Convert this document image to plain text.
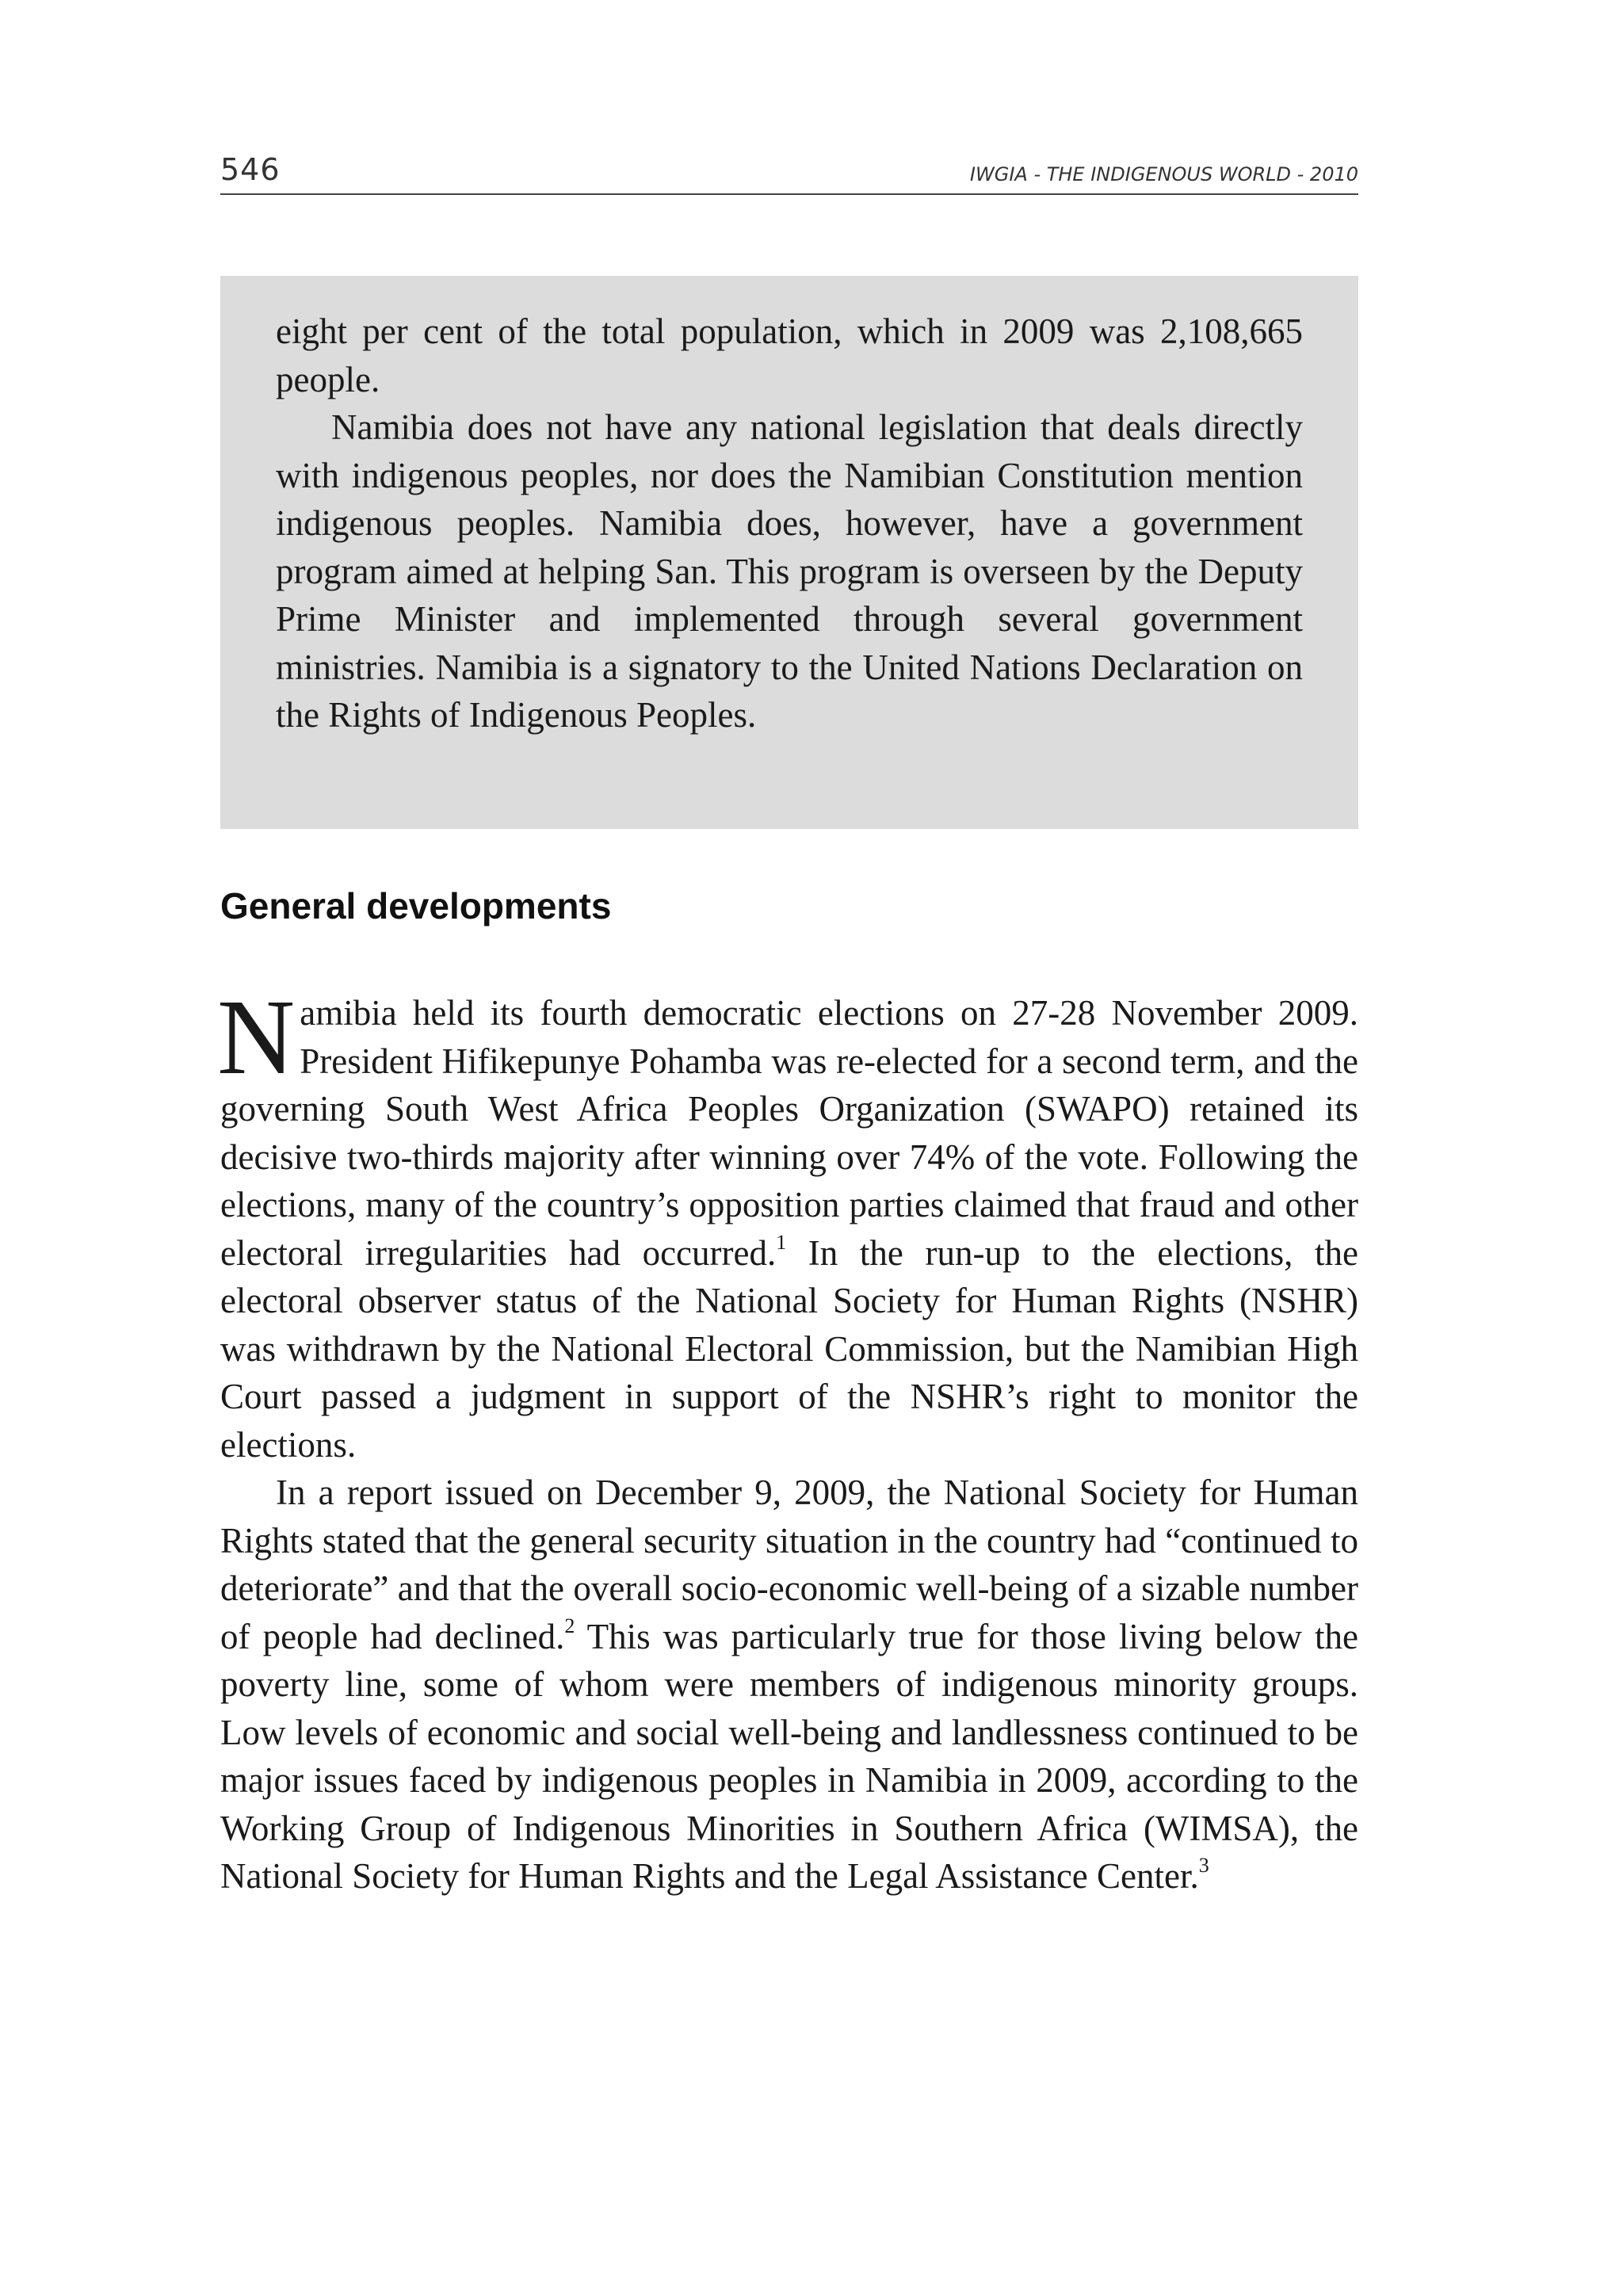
546	IWGIA - THE INDIGENOUS WORLD - 2010

eight per cent of the total population, which in 2009 was 2,108,665 people.

Namibia does not have any national legislation that deals directly with indigenous peoples, nor does the Namibian Constitution mention indigenous peoples. Namibia does, however, have a government program aimed at helping San. This program is overseen by the Deputy Prime Minister and implemented through several government ministries. Namibia is a signatory to the United Nations Declaration on the Rights of Indigenous Peoples.

General developments

Namibia held its fourth democratic elections on 27-28 November 2009. President Hifikepunye Pohamba was re-elected for a second term, and the governing South West Africa Peoples Organization (SWAPO) retained its decisive two-thirds majority after winning over 74% of the vote. Following the elections, many of the country’s opposition parties claimed that fraud and other electoral irregularities had occurred.$^1$ In the run-up to the elections, the electoral observer status of the National Society for Human Rights (NSHR) was withdrawn by the National Electoral Commission, but the Namibian High Court passed a judgment in support of the NSHR’s right to monitor the elections.

In a report issued on December 9, 2009, the National Society for Human Rights stated that the general security situation in the country had “continued to deteriorate” and that the overall socio-economic well-being of a sizable number of people had declined.$^2$ This was particularly true for those living below the poverty line, some of whom were members of indigenous minority groups. Low levels of economic and social well-being and landlessness continued to be major issues faced by indigenous peoples in Namibia in 2009, according to the Working Group of Indigenous Minorities in Southern Africa (WIMSA), the National Society for Human Rights and the Legal Assistance Center.$^3$
